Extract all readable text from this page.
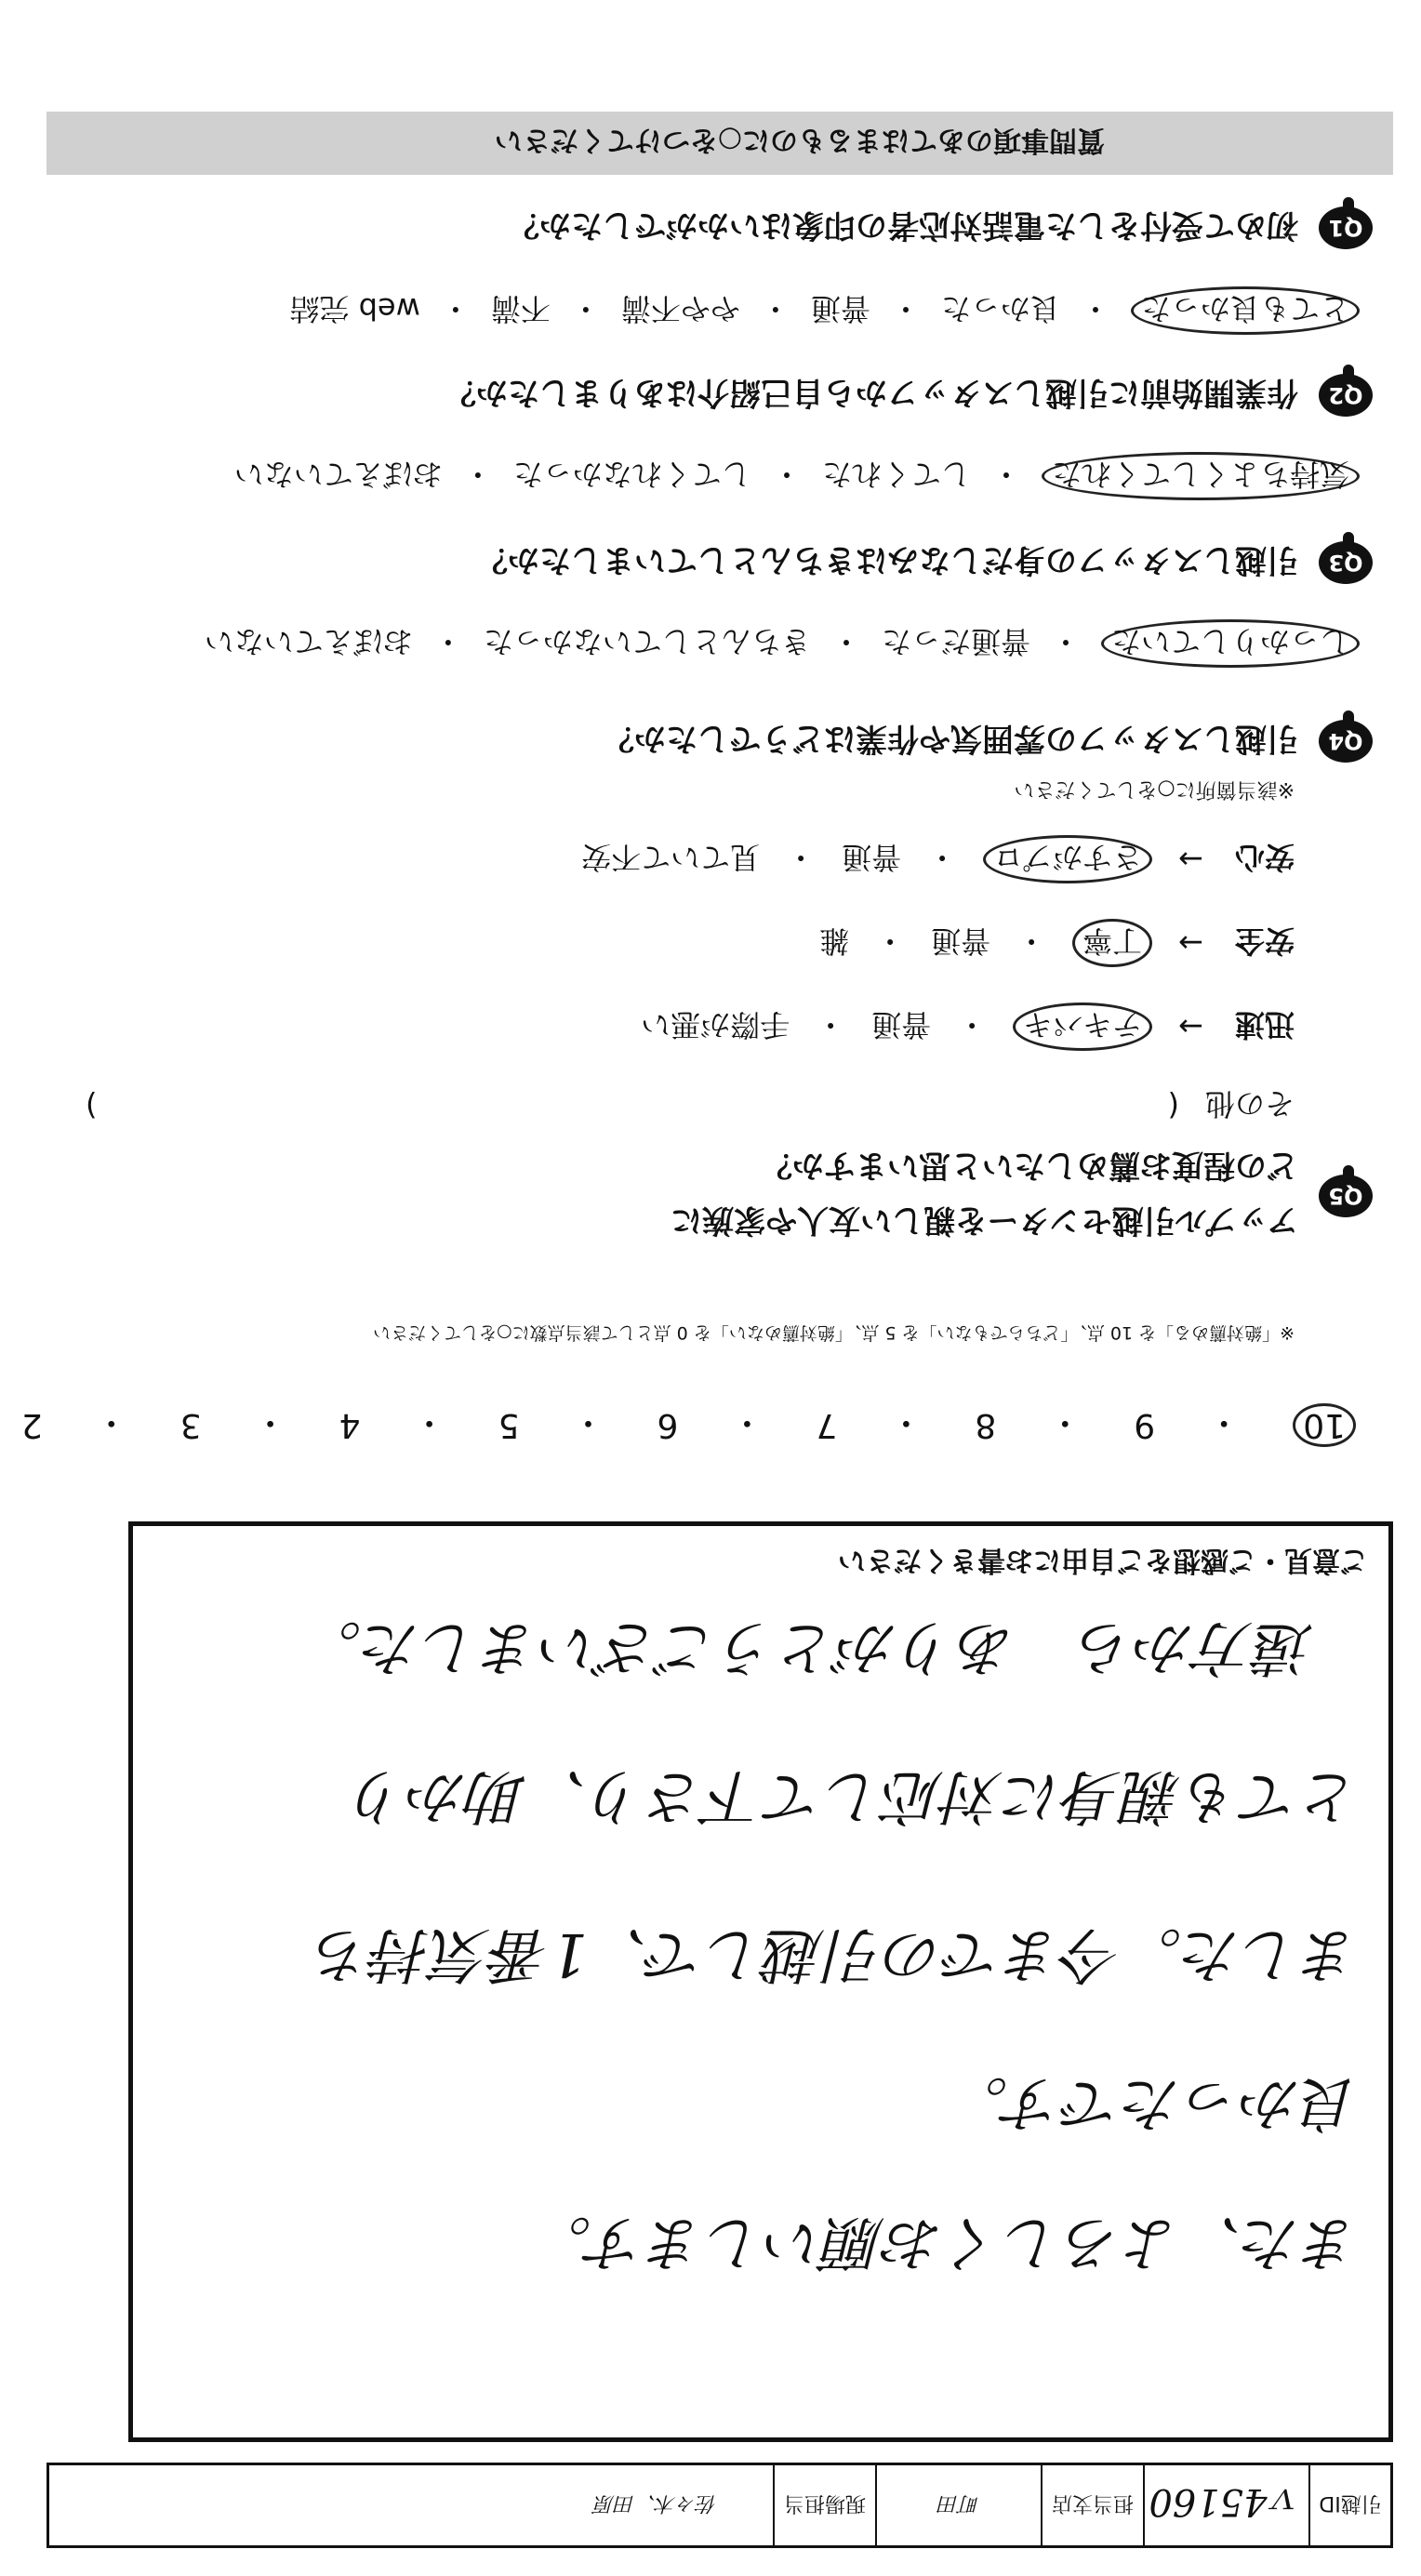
引越ID
ｖ45160
担当支店
町田
現場担当
佐々木、田原
質問事項のあてはまるものに○をつけてください
Q1
初めて受付をした電話対応者の印象はいかがでしたか？
とても良かった
・
良かった
・
普通
・
やや不満
・
不満
・
web 完結
Q2
作業開始前に引越しスタッフから自己紹介はありましたか？
気持ちよくしてくれた
・
してくれた
・
してくれなかった
・
おぼえていない
Q3
引越しスタッフの身だしなみはきちんとしていましたか？
しっかりしていた
・
普通だった
・
きちんとしていなかった
・
おぼえていない
Q4
引越しスタッフの雰囲気や作業はどうでしたか？
※該当箇所に○をしてください
安心
→
さすがプロ
・
普通
・
見ていて不安
安全
→
丁寧
・
普通
・
雑
迅速
→
テキパキ
・
普通
・
手際が悪い
その他
(
)
Q5
アップル引越センターを親しい友人や家族に
どの程度お薦めしたいと思いますか？
※「絶対薦める」を 10 点、「どちらでもない」を 5 点、「絶対薦めない」を 0 点として該当点数に○をしてください
10
・
9
・
8
・
7
・
6
・
5
・
4
・
3
・
2
ご意見・ご感想をご自由にお書きください
遠方から　ありがとうございました。
とても親身に対応して下さり、助かり
ました。今までの引越しで、1番気持ち
良かったです。
また、よろしくお願いします。
